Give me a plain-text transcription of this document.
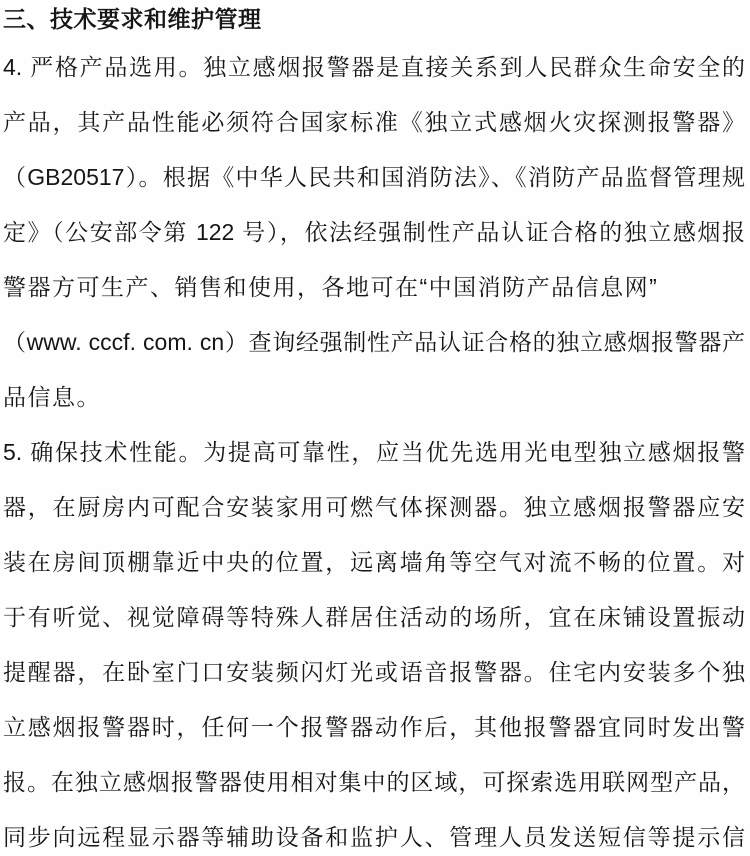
三、技术要求和维护管理
4. 严格产品选用。独立感烟报警器是直接关系到人民群众生命安全的
产品，其产品性能必须符合国家标准《独立式感烟火灾探测报警器》
（GB20517）。根据《中华人民共和国消防法》、《消防产品监督管理规
定》（公安部令第 122 号），依法经强制性产品认证合格的独立感烟报
警器方可生产、销售和使用，各地可在“中国消防产品信息网”
（www. cccf. com. cn）查询经强制性产品认证合格的独立感烟报警器产
品信息。
5. 确保技术性能。为提高可靠性，应当优先选用光电型独立感烟报警
器，在厨房内可配合安装家用可燃气体探测器。独立感烟报警器应安
装在房间顶棚靠近中央的位置，远离墙角等空气对流不畅的位置。对
于有听觉、视觉障碍等特殊人群居住活动的场所，宜在床铺设置振动
提醒器，在卧室门口安装频闪灯光或语音报警器。住宅内安装多个独
立感烟报警器时，任何一个报警器动作后，其他报警器宜同时发出警
报。在独立感烟报警器使用相对集中的区域，可探索选用联网型产品，
同步向远程显示器等辅助设备和监护人、管理人员发送短信等提示信
